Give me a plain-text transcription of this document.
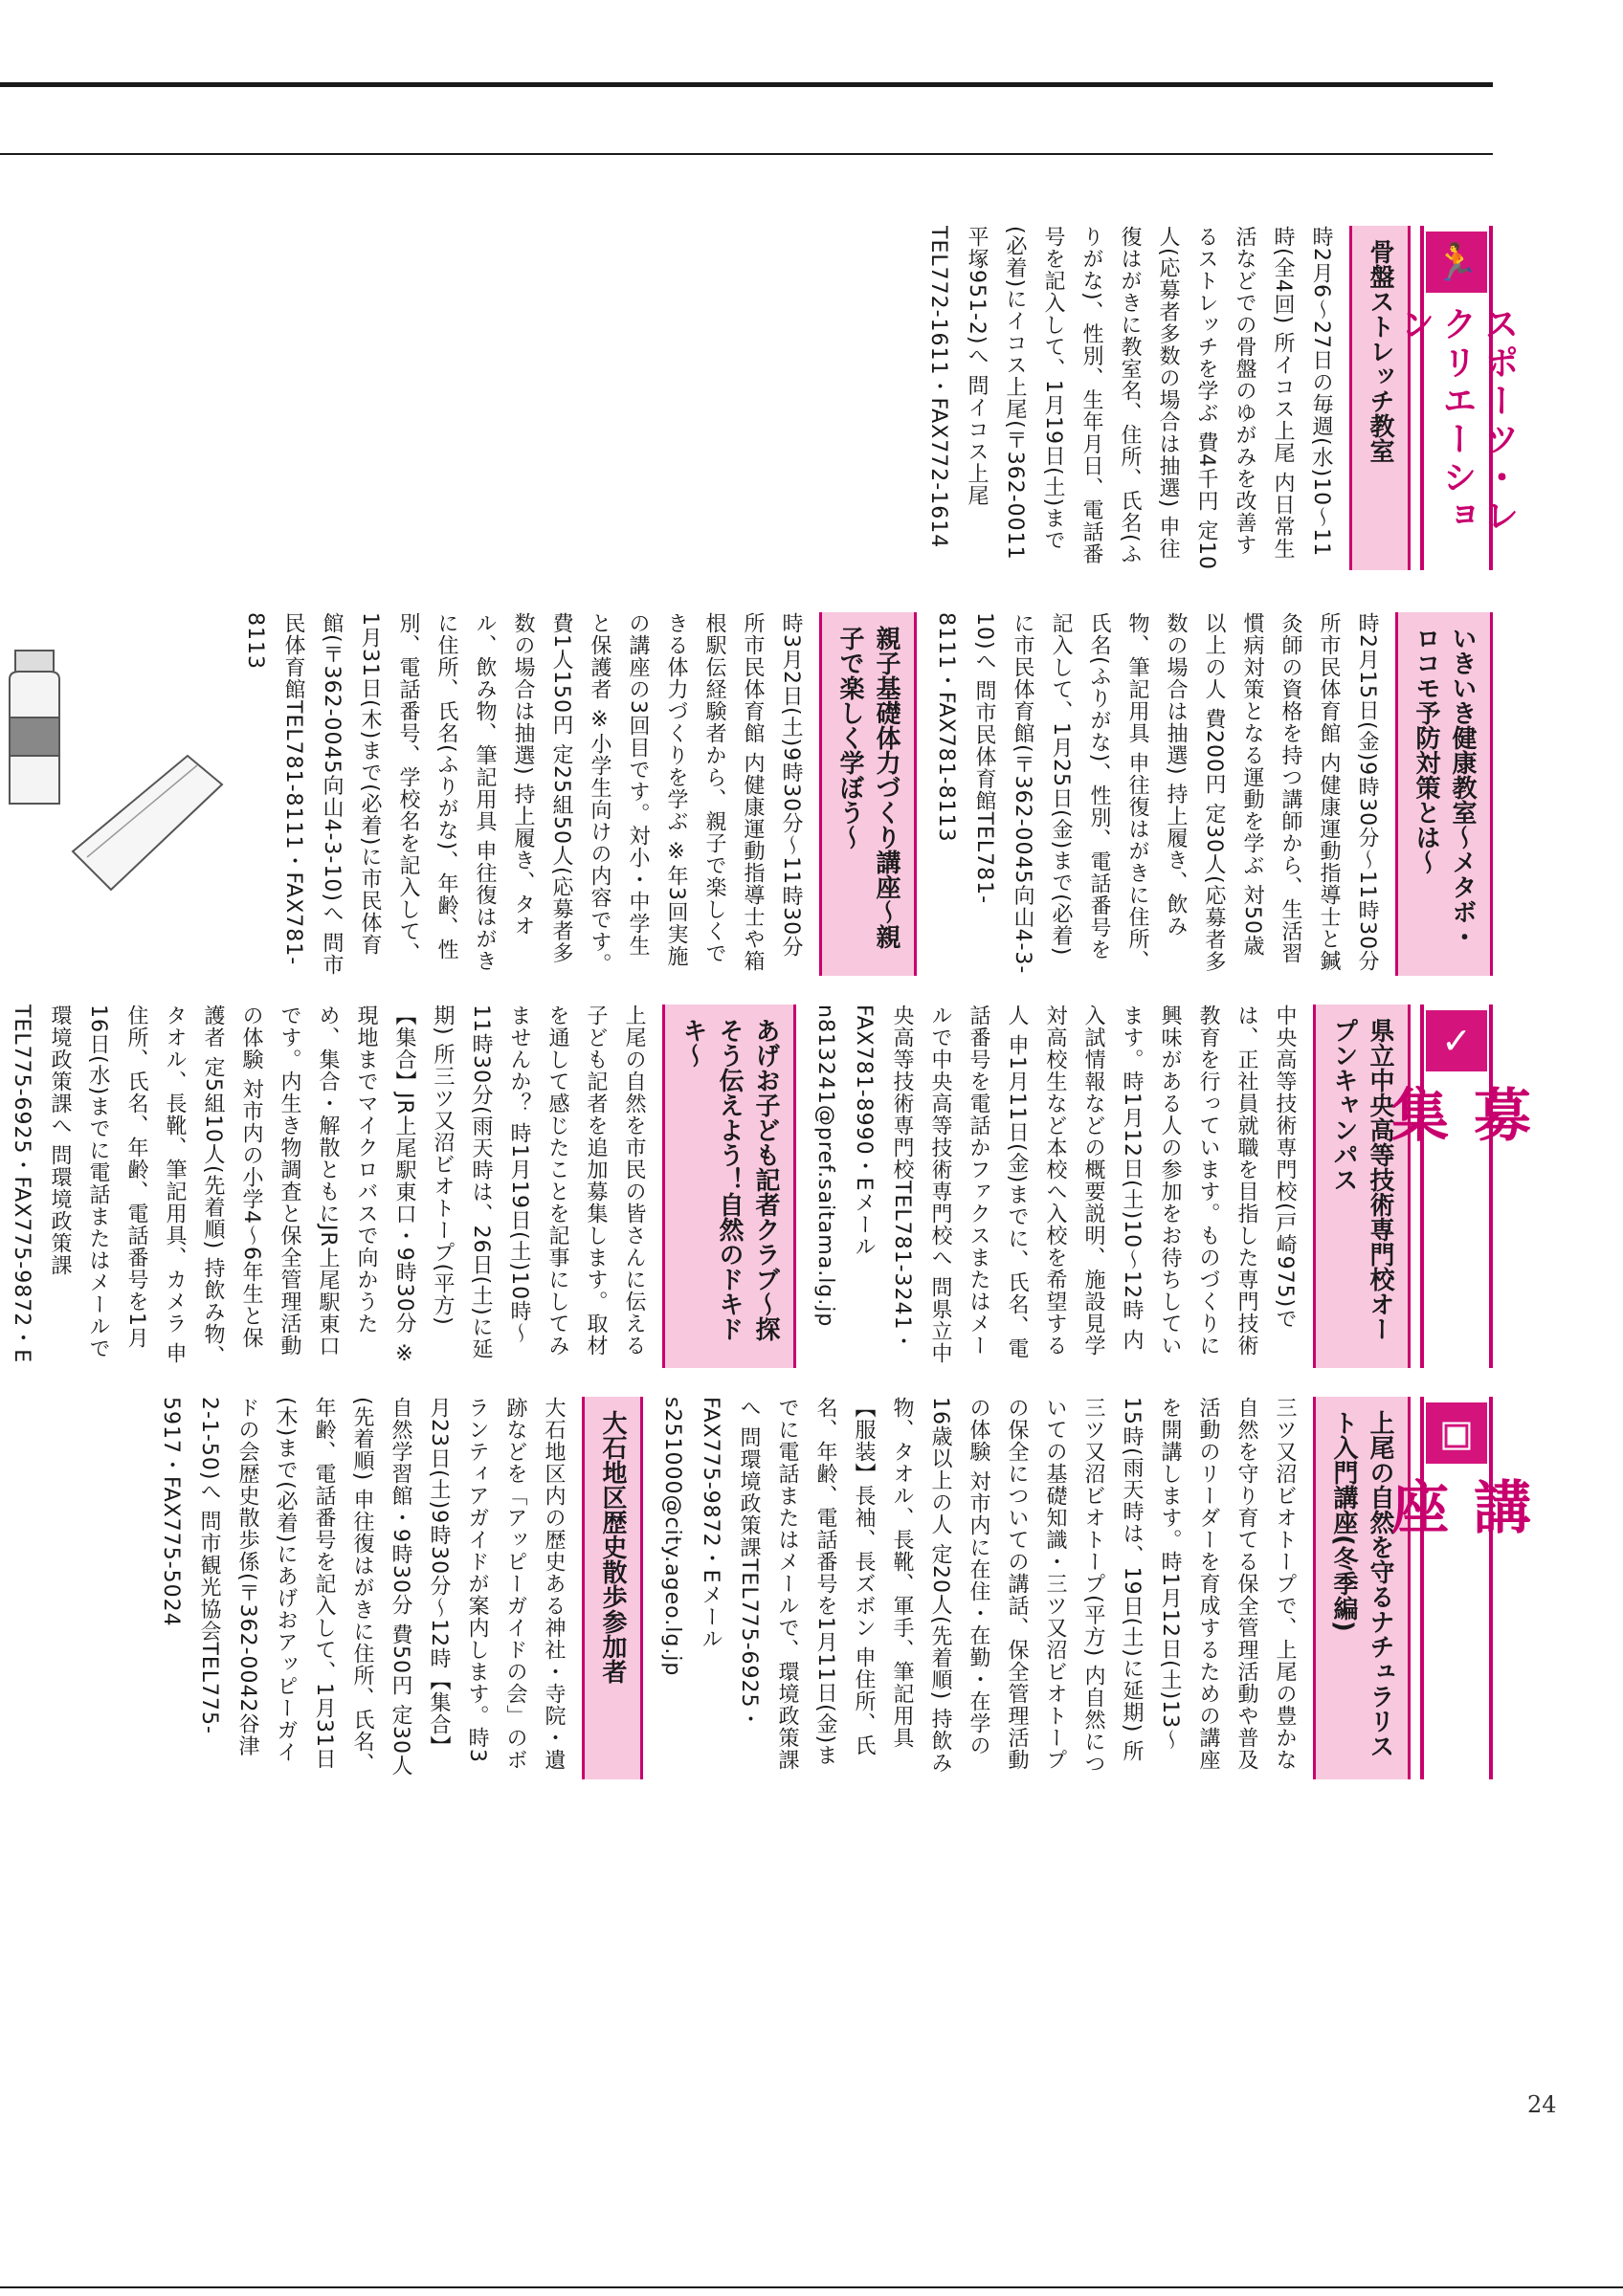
🏃
スポーツ・レクリエーション
骨盤ストレッチ教室
時2月6～27日の毎週(水)10～11時(全4回) 所イコス上尾 内日常生活などでの骨盤のゆがみを改善するストレッチを学ぶ 費4千円 定10人(応募者多数の場合は抽選) 申往復はがきに教室名、住所、氏名(ふりがな)、性別、生年月日、電話番号を記入して、1月19日(土)まで(必着)にイコス上尾(〒362-0011平塚951-2)へ 問イコス上尾TEL772-1611・FAX772-1614
いきいき健康教室～メタボ・ロコモ予防対策とは～
時2月15日(金)9時30分～11時30分 所市民体育館 内健康運動指導士と鍼灸師の資格を持つ講師から、生活習慣病対策となる運動を学ぶ 対50歳以上の人 費200円 定30人(応募者多数の場合は抽選) 持上履き、飲み物、筆記用具 申往復はがきに住所、氏名(ふりがな)、性別、電話番号を記入して、1月25日(金)まで(必着)に市民体育館(〒362-0045向山4-3-10)へ 問市民体育館TEL781-8111・FAX781-8113
親子基礎体力づくり講座～親子で楽しく学ぼう～
時3月2日(土)9時30分～11時30分 所市民体育館 内健康運動指導士や箱根駅伝経験者から、親子で楽しくできる体力づくりを学ぶ ※年3回実施の講座の3回目です。対小・中学生と保護者 ※小学生向けの内容です。費1人150円 定25組50人(応募者多数の場合は抽選) 持上履き、タオル、飲み物、筆記用具 申往復はがきに住所、氏名(ふりがな)、年齢、性別、電話番号、学校名を記入して、1月31日(木)まで(必着)に市民体育館(〒362-0045向山4-3-10)へ 問市民体育館TEL781-8111・FAX781-8113
✓
募　集
県立中央高等技術専門校オープンキャンパス
中央高等技術専門校(戸崎975)では、正社員就職を目指した専門技術教育を行っています。ものづくりに興味がある人の参加をお待ちしています。時1月12日(土)10～12時 内入試情報などの概要説明、施設見学 対高校生など本校へ入校を希望する人 申1月11日(金)までに、氏名、電話番号を電話かファクスまたはメールで中央高等技術専門校へ 問県立中央高等技術専門校TEL781-3241・FAX781-8990・Eメールn813241@pref.saitama.lg.jp
あげお子ども記者クラブ～探そう伝えよう！自然のドキドキ～
上尾の自然を市民の皆さんに伝える子ども記者を追加募集します。取材を通して感じたことを記事にしてみませんか？ 時1月19日(土)10時～11時30分(雨天時は、26日(土)に延期) 所三ツ又沼ビオトープ(平方)【集合】JR上尾駅東口・9時30分 ※現地までマイクロバスで向かうため、集合・解散ともにJR上尾駅東口です。内生き物調査と保全管理活動の体験 対市内の小学4～6年生と保護者 定5組10人(先着順) 持飲み物、タオル、長靴、筆記用具、カメラ 申住所、氏名、年齢、電話番号を1月16日(水)までに電話またはメールで環境政策課へ 問環境政策課TEL775-6925・FAX775-9872・E
▣
講　座
上尾の自然を守るナチュラリスト入門講座(冬季編)
三ツ又沼ビオトープで、上尾の豊かな自然を守り育てる保全管理活動や普及活動のリーダーを育成するための講座を開講します。時1月12日(土)13～15時(雨天時は、19日(土)に延期) 所三ツ又沼ビオトープ(平方) 内自然についての基礎知識・三ツ又沼ビオトープの保全についての講話、保全管理活動の体験 対市内に在住・在勤・在学の16歳以上の人 定20人(先着順) 持飲み物、タオル、長靴、軍手、筆記用具【服装】長袖、長ズボン 申住所、氏名、年齢、電話番号を1月11日(金)までに電話またはメールで、環境政策課へ 問環境政策課TEL775-6925・FAX775-9872・Eメールs251000@city.ageo.lg.jp
大石地区歴史散歩参加者
大石地区内の歴史ある神社・寺院・遺跡などを「アッピーガイドの会」のボランティアガイドが案内します。時3月23日(土)9時30分～12時【集合】自然学習館・9時30分 費50円 定30人(先着順) 申往復はがきに住所、氏名、年齢、電話番号を記入して、1月31日(木)まで(必着)にあげおアッピーガイドの会歴史散歩係(〒362-0042谷津2-1-50)へ 問市観光協会TEL775-5917・FAX775-5024
24
